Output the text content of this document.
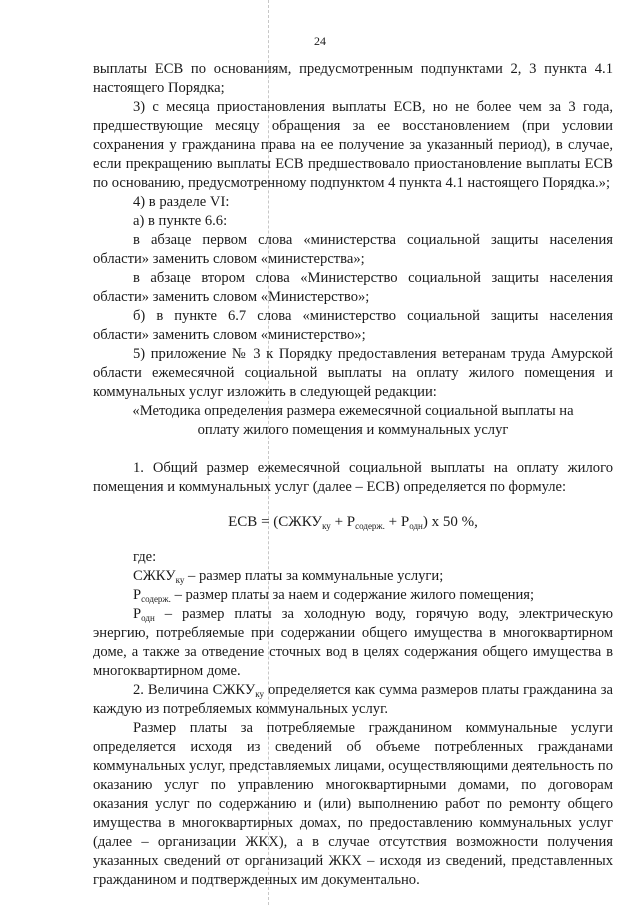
24

выплаты ЕСВ по основаниям, предусмотренным подпунктами 2, 3 пункта 4.1 настоящего Порядка;

3) с месяца приостановления выплаты ЕСВ, но не более чем за 3 года, предшествующие месяцу обращения за ее восстановлением (при условии сохранения у гражданина права на ее получение за указанный период), в случае, если прекращению выплаты ЕСВ предшествовало приостановление выплаты ЕСВ по основанию, предусмотренному подпунктом 4 пункта 4.1 настоящего Порядка.»;

4) в разделе VI:

а) в пункте 6.6:

в абзаце первом слова «министерства социальной защиты населения области» заменить словом «министерства»;

в абзаце втором слова «Министерство социальной защиты населения области» заменить словом «Министерство»;

б) в пункте 6.7 слова «министерство социальной защиты населения области» заменить словом «министерство»;

5) приложение № 3 к Порядку предоставления ветеранам труда Амурской области ежемесячной социальной выплаты на оплату жилого помещения и коммунальных услуг изложить в следующей редакции:

«Методика определения размера ежемесячной социальной выплаты на оплату жилого помещения и коммунальных услуг

1. Общий размер ежемесячной социальной выплаты на оплату жилого помещения и коммунальных услуг (далее – ЕСВ) определяется по формуле:

ЕСВ = $(СЖКУ_{ку} + Р_{содерж.} + Р_{одн})$ х 50 %,

где:

$СЖКУ_{ку}$ – размер платы за коммунальные услуги;

$Р_{содерж.}$ – размер платы за наем и содержание жилого помещения;

$Р_{одн}$ – размер платы за холодную воду, горячую воду, электрическую энергию, потребляемые при содержании общего имущества в многоквартирном доме, а также за отведение сточных вод в целях содержания общего имущества в многоквартирном доме.

2. Величина $СЖКУ_{ку}$ определяется как сумма размеров платы гражданина за каждую из потребляемых коммунальных услуг.

Размер платы за потребляемые гражданином коммунальные услуги определяется исходя из сведений об объеме потребленных гражданами коммунальных услуг, представляемых лицами, осуществляющими деятельность по оказанию услуг по управлению многоквартирными домами, по договорам оказания услуг по содержанию и (или) выполнению работ по ремонту общего имущества в многоквартирных домах, по предоставлению коммунальных услуг (далее – организации ЖКХ), а в случае отсутствия возможности получения указанных сведений от организаций ЖКХ – исходя из сведений, представленных гражданином и подтвержденных им документально.
